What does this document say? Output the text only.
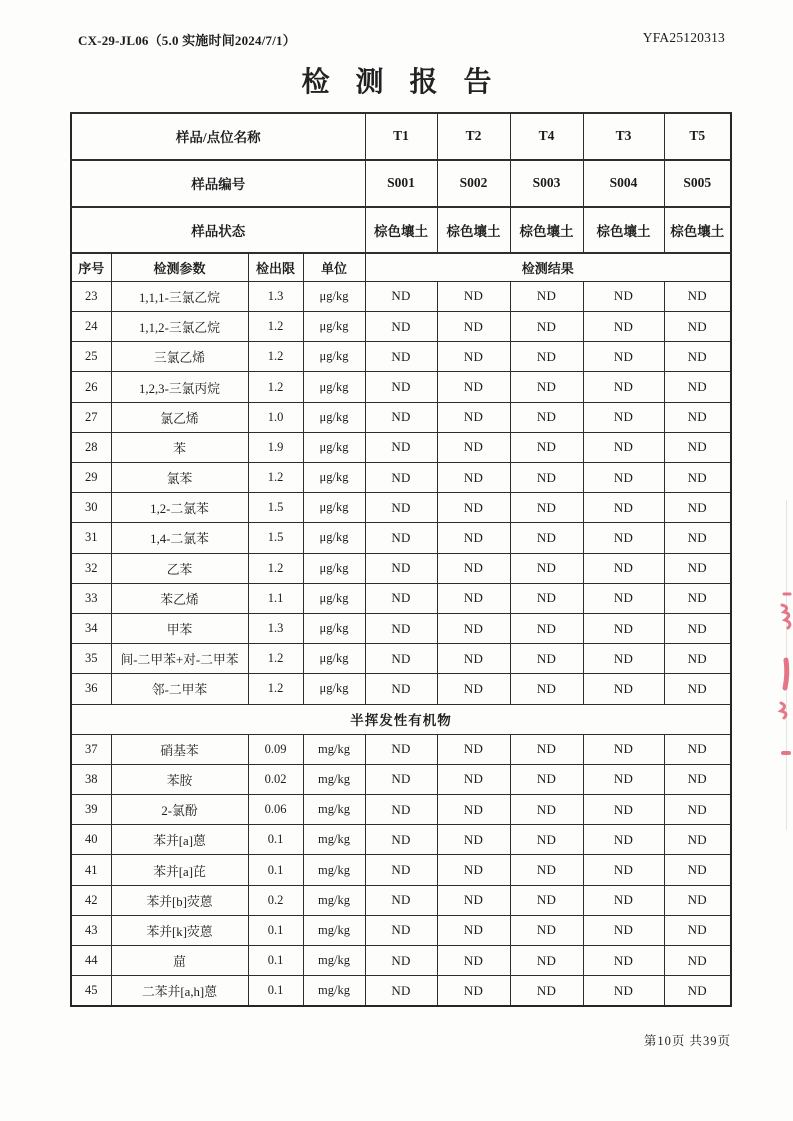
CX-29-JL06（5.0 实施时间2024/7/1）	YFA25120313
检测报告
样品/点位名称				T1	T2	T4	T3	T5
样品编号				S001	S002	S003	S004	S005
样品状态				棕色壤土	棕色壤土	棕色壤土	棕色壤土	棕色壤土
序号	检测参数	检出限	单位	检测结果				
23	1,1,1-三氯乙烷	1.3	μg/kg	ND	ND	ND	ND	ND
24	1,1,2-三氯乙烷	1.2	μg/kg	ND	ND	ND	ND	ND
25	三氯乙烯	1.2	μg/kg	ND	ND	ND	ND	ND
26	1,2,3-三氯丙烷	1.2	μg/kg	ND	ND	ND	ND	ND
27	氯乙烯	1.0	μg/kg	ND	ND	ND	ND	ND
28	苯	1.9	μg/kg	ND	ND	ND	ND	ND
29	氯苯	1.2	μg/kg	ND	ND	ND	ND	ND
30	1,2-二氯苯	1.5	μg/kg	ND	ND	ND	ND	ND
31	1,4-二氯苯	1.5	μg/kg	ND	ND	ND	ND	ND
32	乙苯	1.2	μg/kg	ND	ND	ND	ND	ND
33	苯乙烯	1.1	μg/kg	ND	ND	ND	ND	ND
34	甲苯	1.3	μg/kg	ND	ND	ND	ND	ND
35	间-二甲苯+对-二甲苯	1.2	μg/kg	ND	ND	ND	ND	ND
36	邻-二甲苯	1.2	μg/kg	ND	ND	ND	ND	ND
半挥发性有机物								
37	硝基苯	0.09	mg/kg	ND	ND	ND	ND	ND
38	苯胺	0.02	mg/kg	ND	ND	ND	ND	ND
39	2-氯酚	0.06	mg/kg	ND	ND	ND	ND	ND
40	苯并[a]蒽	0.1	mg/kg	ND	ND	ND	ND	ND
41	苯并[a]芘	0.1	mg/kg	ND	ND	ND	ND	ND
42	苯并[b]荧蒽	0.2	mg/kg	ND	ND	ND	ND	ND
43	苯并[k]荧蒽	0.1	mg/kg	ND	ND	ND	ND	ND
44	䓛	0.1	mg/kg	ND	ND	ND	ND	ND
45	二苯并[a,h]蒽	0.1	mg/kg	ND	ND	ND	ND	ND
第10页 共39页
